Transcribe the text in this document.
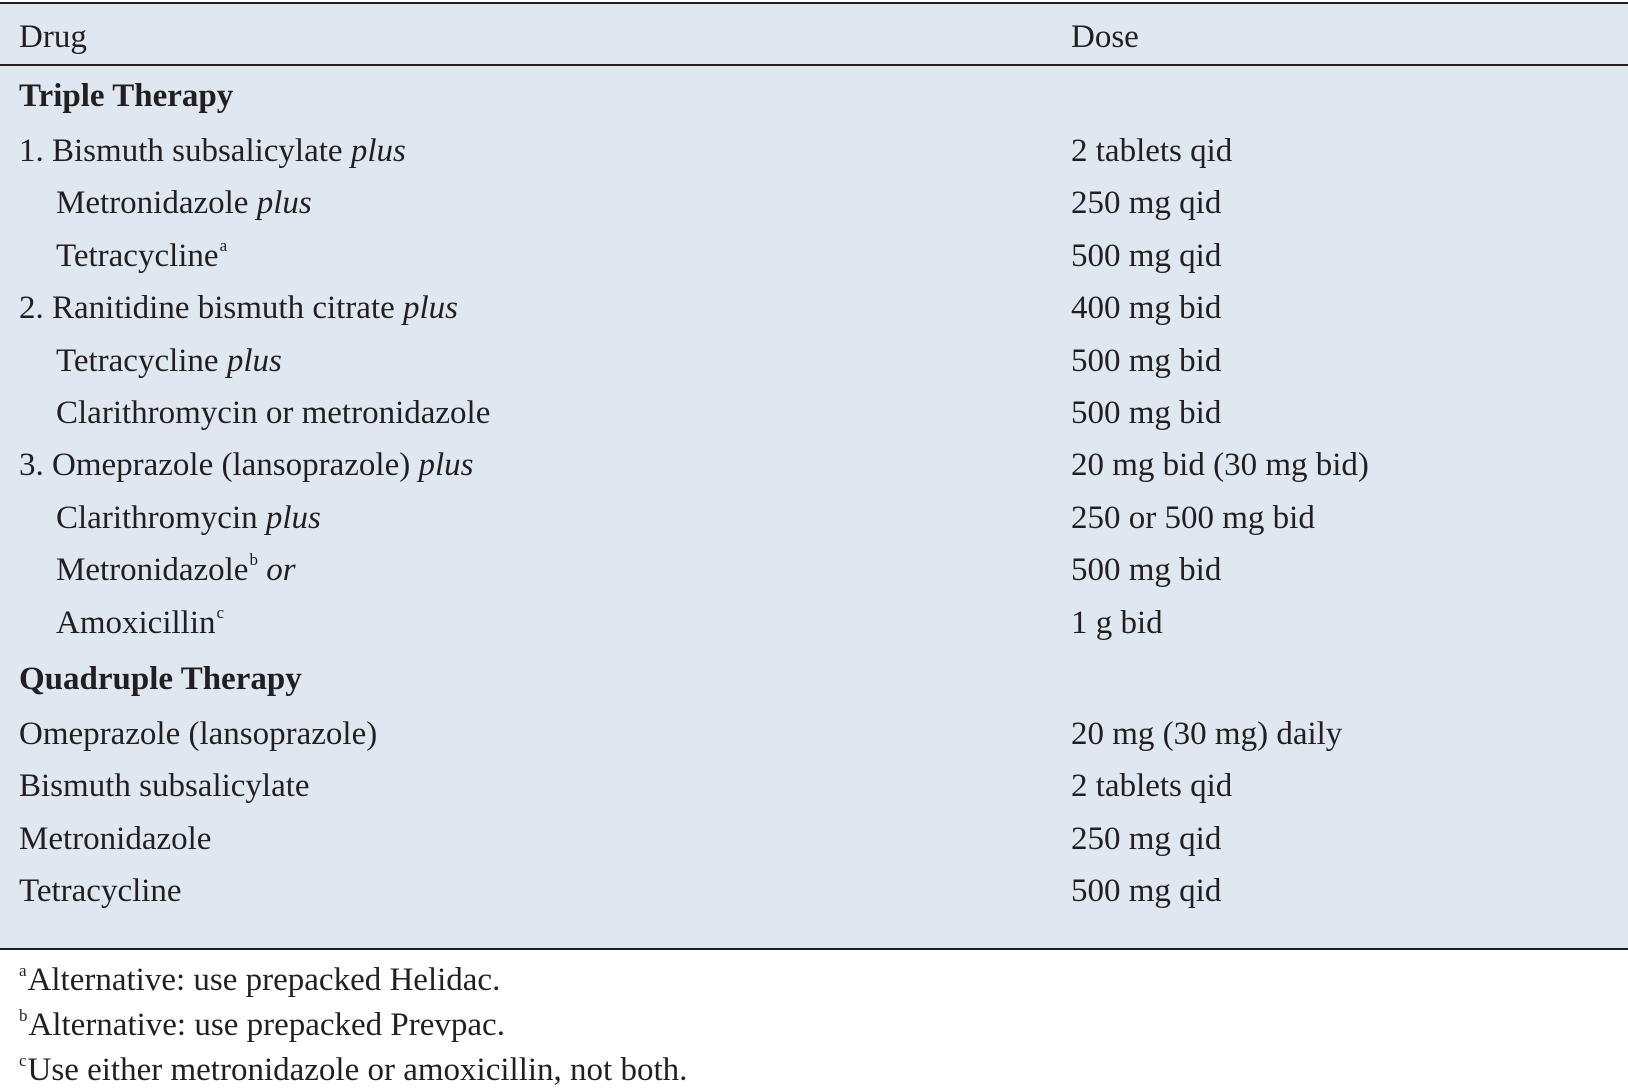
Drug	Dose
Triple Therapy
1. Bismuth subsalicylate plus	2 tablets qid
Metronidazole plus	250 mg qid
Tetracycline$^a$	500 mg qid
2. Ranitidine bismuth citrate plus	400 mg bid
Tetracycline plus	500 mg bid
Clarithromycin or metronidazole	500 mg bid
3. Omeprazole (lansoprazole) plus	20 mg bid (30 mg bid)
Clarithromycin plus	250 or 500 mg bid
Metronidazole$^b$ or	500 mg bid
Amoxicillin$^c$	1 g bid
Quadruple Therapy
Omeprazole (lansoprazole)	20 mg (30 mg) daily
Bismuth subsalicylate	2 tablets qid
Metronidazole	250 mg qid
Tetracycline	500 mg qid
$^a$Alternative: use prepacked Helidac.
$^b$Alternative: use prepacked Prevpac.
$^c$Use either metronidazole or amoxicillin, not both.
